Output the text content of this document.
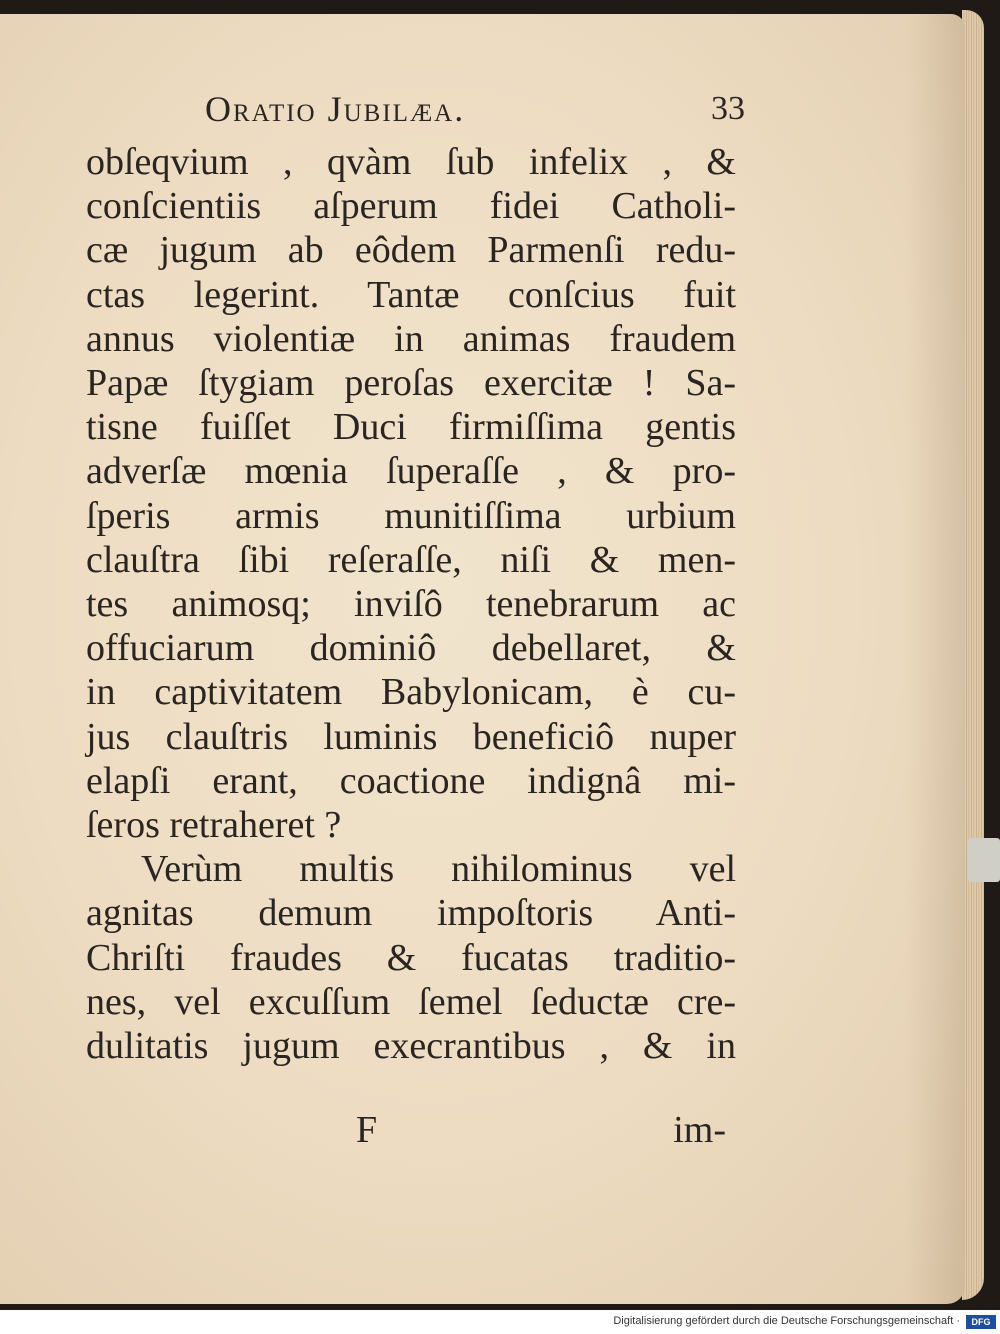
Oratio Jubilæa.	33
obſeqvium , qvàm ſub infelix , &
conſcientiis aſperum fidei Catholi-
cæ jugum ab eôdem Parmenſi redu-
ctas legerint. Tantæ conſcius fuit
annus violentiæ in animas fraudem
Papæ ſtygiam peroſas exercitæ ! Sa-
tisne fuiſſet Duci firmiſſima gentis
adverſæ mœnia ſuperaſſe , & pro-
ſperis armis munitiſſima urbium
clauſtra ſibi reſeraſſe, niſi & men-
tes animosq; inviſô tenebrarum ac
offuciarum dominiô debellaret, &
in captivitatem Babylonicam, è cu-
jus clauſtris luminis beneficiô nuper
elapſi erant, coactione indignâ mi-
ſeros retraheret ?
Verùm multis nihilominus vel
agnitas demum impoſtoris Anti-
Chriſti fraudes & fucatas traditio-
nes, vel excuſſum ſemel ſeductæ cre-
dulitatis jugum execrantibus , & in
F	im-
Digitalisierung gefördert durch die Deutsche Forschungsgemeinschaft ·	DFG
